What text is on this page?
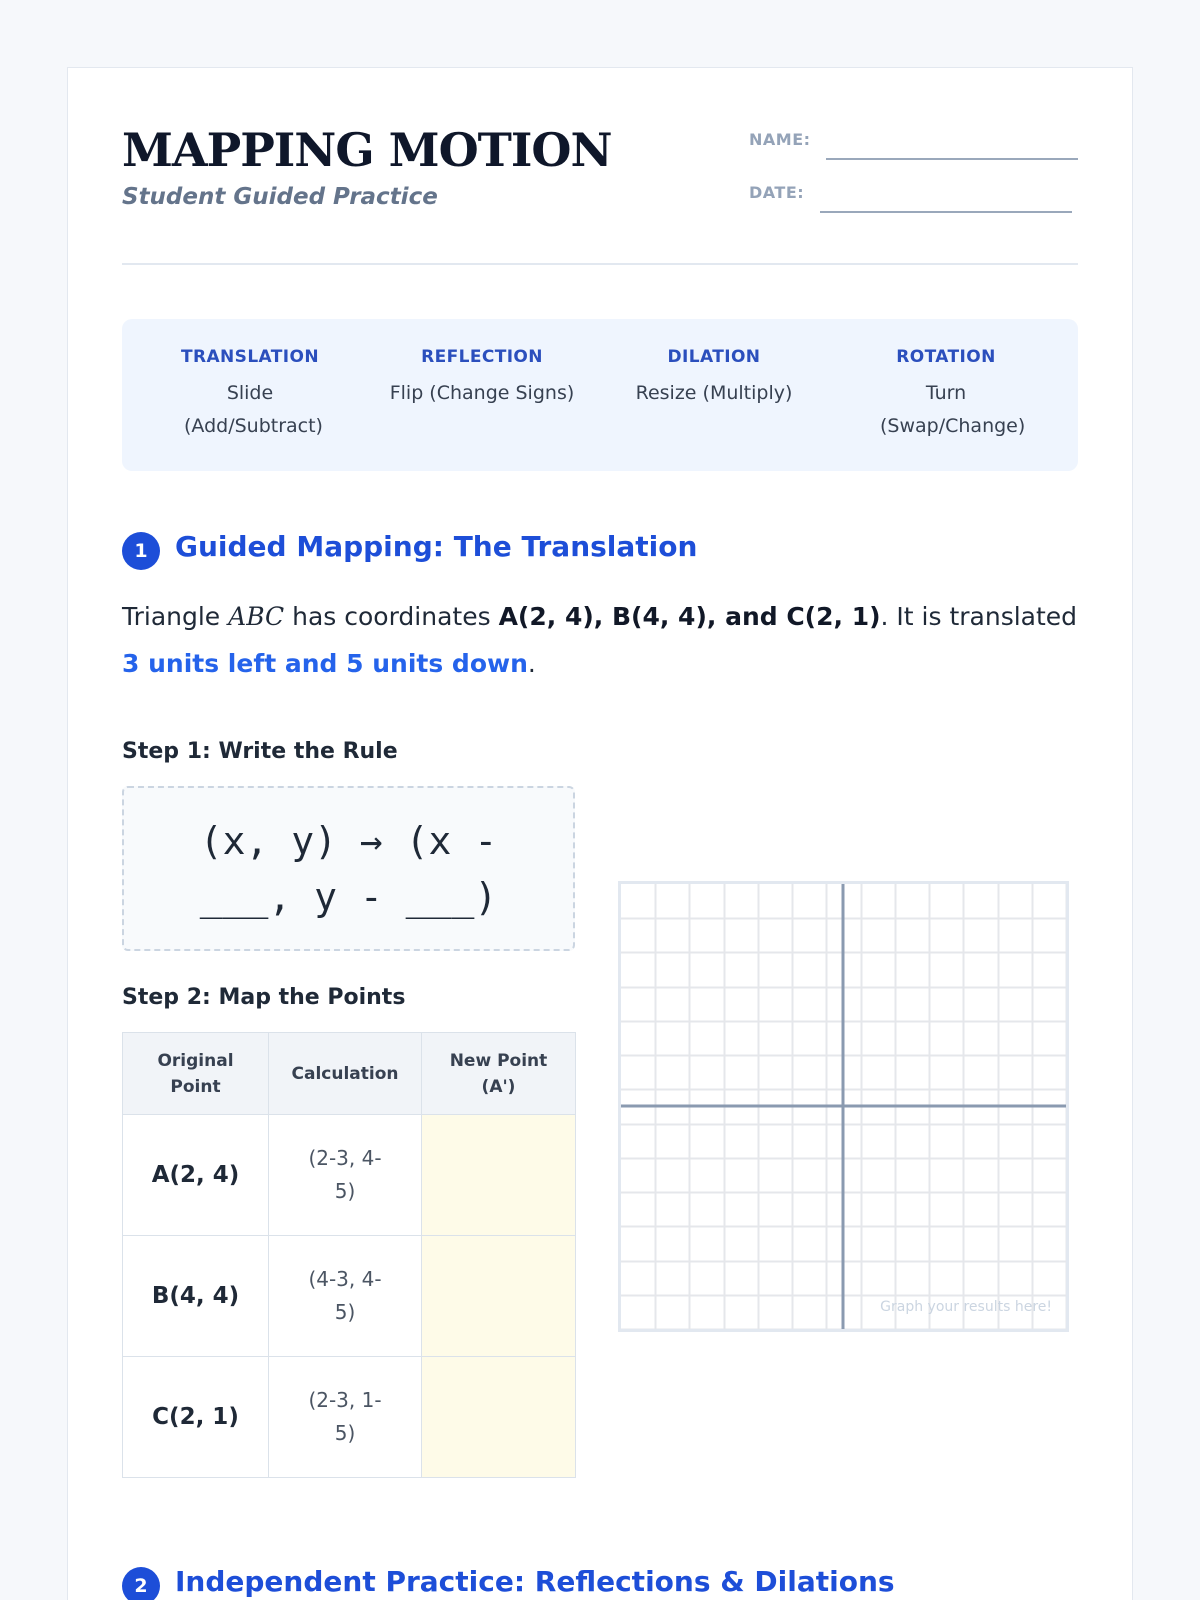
MAPPING MOTION
Student Guided Practice
NAME:
DATE:
TRANSLATION
Slide (Add/Subtract)
REFLECTION
Flip (Change Signs)
DILATION
Resize (Multiply)
ROTATION
Turn (Swap/Change)
1 Guided Mapping: The Translation
Triangle ABC has coordinates A(2, 4), B(4, 4), and C(2, 1). It is translated 3 units left and 5 units down.
Step 1: Write the Rule
(x, y) → (x - ___, y - ___)
Step 2: Map the Points
Original Point	Calculation	New Point (A')
A(2, 4)	(2-3, 4-5)	
B(4, 4)	(4-3, 4-5)	
C(2, 1)	(2-3, 1-5)	
Graph your results here!
2 Independent Practice: Reflections & Dilations
